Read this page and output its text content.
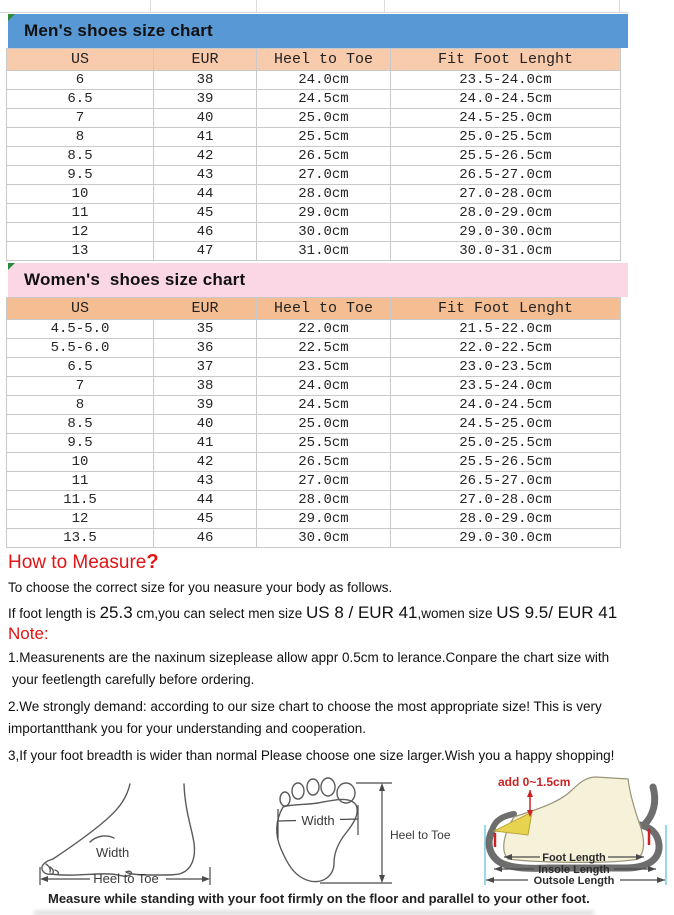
Men's shoes size chart
US	EUR	Heel to Toe	Fit Foot Lenght
6	38	24.0cm	23.5-24.0cm
6.5	39	24.5cm	24.0-24.5cm
7	40	25.0cm	24.5-25.0cm
8	41	25.5cm	25.0-25.5cm
8.5	42	26.5cm	25.5-26.5cm
9.5	43	27.0cm	26.5-27.0cm
10	44	28.0cm	27.0-28.0cm
11	45	29.0cm	28.0-29.0cm
12	46	30.0cm	29.0-30.0cm
13	47	31.0cm	30.0-31.0cm
Women's  shoes size chart
US	EUR	Heel to Toe	Fit Foot Lenght
4.5-5.0	35	22.0cm	21.5-22.0cm
5.5-6.0	36	22.5cm	22.0-22.5cm
6.5	37	23.5cm	23.0-23.5cm
7	38	24.0cm	23.5-24.0cm
8	39	24.5cm	24.0-24.5cm
8.5	40	25.0cm	24.5-25.0cm
9.5	41	25.5cm	25.0-25.5cm
10	42	26.5cm	25.5-26.5cm
11	43	27.0cm	26.5-27.0cm
11.5	44	28.0cm	27.0-28.0cm
12	45	29.0cm	28.0-29.0cm
13.5	46	30.0cm	29.0-30.0cm
How to Measure?
To choose the correct size for you neasure your body as follows.
If foot length is 25.3 cm,you can select men size US 8 / EUR 41,women size US 9.5/ EUR 41
Note:
1.Measurenents are the naxinum sizeplease allow appr 0.5cm to lerance.Conpare the chart size with
your feetlength carefully before ordering.
2.We strongly demand: according to our size chart to choose the most appropriate size! This is very
importantthank you for your understanding and cooperation.
3,If your foot breadth is wider than normal Please choose one size larger.Wish you a happy shopping!
Width
Heel to Toe
Width
Heel to Toe
add 0~1.5cm
Foot Length
Insole Length
Outsole Length
Measure while standing with your foot firmly on the floor and parallel to your other foot.
